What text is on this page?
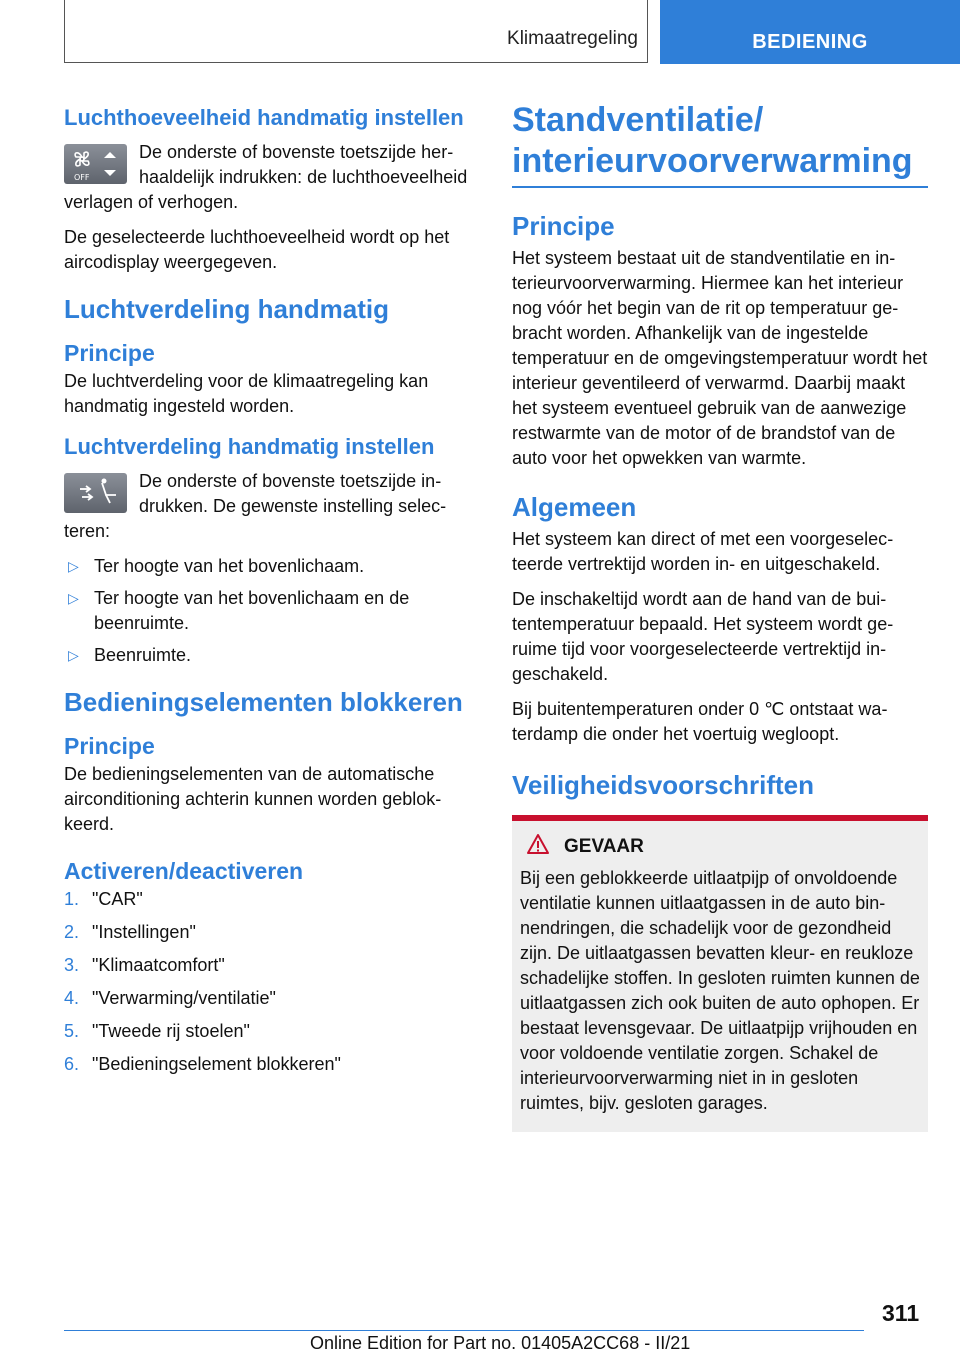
Klimaatregeling	BEDIENING
Luchthoeveelheid handmatig instellen
OFF
De onderste of bovenste toetszijde herhaaldelijk indrukken: de luchthoeveelheid verlagen of verhogen.

De geselecteerde luchthoeveelheid wordt op het aircodisplay weergegeven.

Luchtverdeling handmatig
Principe

De luchtverdeling voor de klimaatregeling kan handmatig ingesteld worden.

Luchtverdeling handmatig instellen
De onderste of bovenste toetszijde indrukken. De gewenste instelling selecteren:
▷ Ter hoogte van het bovenlichaam.
▷ Ter hoogte van het bovenlichaam en de beenruimte.
▷ Beenruimte.
Bedieningselementen blokkeren
Principe

De bedieningselementen van de automatische airconditioning achterin kunnen worden geblokkeerd.

Activeren/deactiveren
1. "CAR"
2. "Instellingen"
3. "Klimaatcomfort"
4. "Verwarming/ventilatie"
5. "Tweede rij stoelen"
6. "Bedieningselement blokkeren"
Standventilatie/ interieurvoorverwarming
Principe

Het systeem bestaat uit de standventilatie en interieurvoorverwarming. Hiermee kan het interieur nog vóór het begin van de rit op temperatuur gebracht worden. Afhankelijk van de ingestelde temperatuur en de omgevingstemperatuur wordt het interieur geventileerd of verwarmd. Daarbij maakt het systeem eventueel gebruik van de aanwezige restwarmte van de motor of de brandstof van de auto voor het opwekken van warmte.

Algemeen

Het systeem kan direct of met een voorgeselecteerde vertrektijd worden in- en uitgeschakeld.

De inschakeltijd wordt aan de hand van de buitentemperatuur bepaald. Het systeem wordt geruime tijd voor voorgeselecteerde vertrektijd ingeschakeld.

Bij buitentemperaturen onder 0 ℃ ontstaat waterdamp die onder het voertuig wegloopt.

Veiligheidsvoorschriften
GEVAAR

Bij een geblokkeerde uitlaatpijp of onvoldoende ventilatie kunnen uitlaatgassen in de auto binnendringen, die schadelijk voor de gezondheid zijn. De uitlaatgassen bevatten kleur- en reukloze schadelijke stoffen. In gesloten ruimten kunnen de uitlaatgassen zich ook buiten de auto ophopen. Er bestaat levensgevaar. De uitlaatpijp vrijhouden en voor voldoende ventilatie zorgen. Schakel de interieurvoorverwarming niet in in gesloten ruimtes, bijv. gesloten garages.

311
Online Edition for Part no. 01405A2CC68 - II/21
